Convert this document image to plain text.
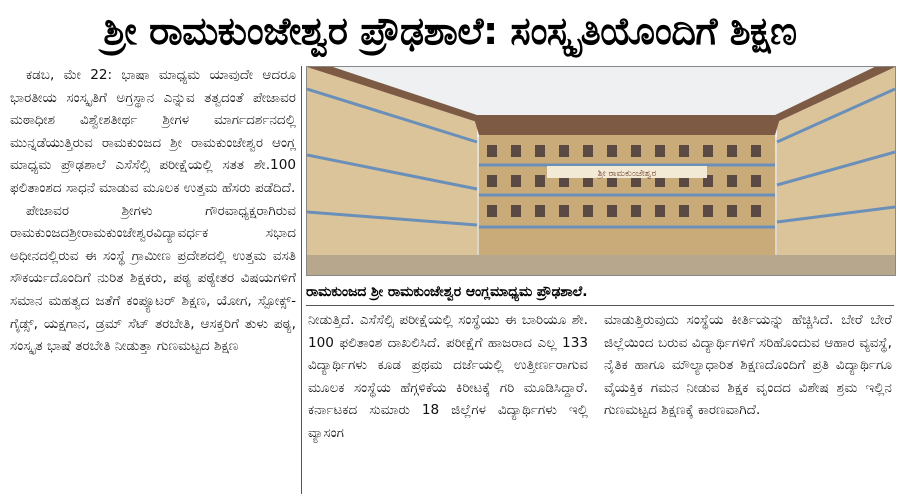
ಶ್ರೀ ರಾಮಕುಂಜೇಶ್ವರ ಪ್ರೌಢಶಾಲೆ: ಸಂಸ್ಕೃತಿಯೊಂದಿಗೆ ಶಿಕ್ಷಣ

ಕಡಬ, ಮೇ 22: ಭಾಷಾ ಮಾಧ್ಯಮ ಯಾವುದೇ ಆದರೂ ಭಾರತೀಯ ಸಂಸ್ಕೃತಿಗೆ ಅಗ್ರಸ್ಥಾನ ಎನ್ನುವ ತತ್ವದಂತೆ ಪೇಜಾವರ ಮಠಾಧೀಶ ವಿಶ್ವೇಶತೀರ್ಥ ಶ್ರೀಗಳ ಮಾರ್ಗದರ್ಶನದಲ್ಲಿ ಮುನ್ನಡೆಯುತ್ತಿರುವ ರಾಮಕುಂಜದ ಶ್ರೀ ರಾಮಕುಂಜೇಶ್ವರ ಆಂಗ್ಲ ಮಾಧ್ಯಮ ಪ್ರೌಢಶಾಲೆ ಎಸೆಸೆಲ್ಸಿ ಪರೀಕ್ಷೆಯಲ್ಲಿ ಸತತ ಶೇ.100 ಫಲಿತಾಂಶದ ಸಾಧನೆ ಮಾಡುವ ಮೂಲಕ ಉತ್ತಮ ಹೆಸರು ಪಡೆದಿದೆ.

ಪೇಜಾವರ ಶ್ರೀಗಳು ಗೌರವಾಧ್ಯಕ್ಷರಾಗಿರುವ ರಾಮಕುಂಜದಶ್ರೀರಾಮಕುಂಜೇಶ್ವರವಿದ್ಯಾವರ್ಧಕ ಸಭಾದ ಅಧೀನದಲ್ಲಿರುವ ಈ ಸಂಸ್ಥೆ ಗ್ರಾಮೀಣ ಪ್ರದೇಶದಲ್ಲಿ ಉತ್ತಮ ವಸತಿ ಸೌಕರ್ಯದೊಂದಿಗೆ ನುರಿತ ಶಿಕ್ಷಕರು, ಪಠ್ಯ ಪಠ್ಯೇತರ ವಿಷಯಗಳಿಗೆ ಸಮಾನ ಮಹತ್ವದ ಜತೆಗೆ ಕಂಪ್ಯೂಟರ್ ಶಿಕ್ಷಣ, ಯೋಗ, ಸ್ಪೋಕ್ಸ್-ಗೈಡ್ಸ್, ಯಕ್ಷಗಾನ, ಡ್ರಮ್ ಸೆಟ್ ತರಬೇತಿ, ಆಸಕ್ತರಿಗೆ ತುಳು ಪಠ್ಯ, ಸಂಸ್ಕೃತ ಭಾಷೆ ತರಬೇತಿ ನೀಡುತ್ತಾ ಗುಣಮಟ್ಟದ ಶಿಕ್ಷಣ

ಶ್ರೀ ರಾಮಕುಂಜೇಶ್ವರ
ರಾಮಕುಂಜದ ಶ್ರೀ ರಾಮಕುಂಜೇಶ್ವರ ಆಂಗ್ಲಮಾಧ್ಯಮ ಪ್ರೌಢಶಾಲೆ.

ನೀಡುತ್ತಿದೆ. ಎಸೆಸೆಲ್ಸಿ ಪರೀಕ್ಷೆಯಲ್ಲಿ ಸಂಸ್ಥೆಯು ಈ ಬಾರಿಯೂ ಶೇ. 100 ಫಲಿತಾಂಶ ದಾಖಲಿಸಿದೆ. ಪರೀಕ್ಷೆಗೆ ಹಾಜರಾದ ಎಲ್ಲ 133 ವಿದ್ಯಾರ್ಥಿಗಳು ಕೂಡ ಪ್ರಥಮ ದರ್ಜೆಯಲ್ಲಿ ಉತ್ತೀರ್ಣರಾಗುವ ಮೂಲಕ ಸಂಸ್ಥೆಯ ಹೆಗ್ಗಳಿಕೆಯ ಕಿರೀಟಕ್ಕೆ ಗರಿ ಮೂಡಿಸಿದ್ದಾರೆ. ಕರ್ನಾಟಕದ ಸುಮಾರು 18 ಜಿಲ್ಲೆಗಳ ವಿದ್ಯಾರ್ಥಿಗಳು ಇಲ್ಲಿ ವ್ಯಾಸಂಗ

ಮಾಡುತ್ತಿರುವುದು ಸಂಸ್ಥೆಯ ಕೀರ್ತಿಯನ್ನು ಹೆಚ್ಚಿಸಿದೆ. ಬೇರೆ ಬೇರೆ ಜಿಲ್ಲೆಯಿಂದ ಬರುವ ವಿದ್ಯಾರ್ಥಿಗಳಿಗೆ ಸರಿಹೊಂದುವ ಆಹಾರ ವ್ಯವಸ್ಥೆ, ನೈತಿಕ ಹಾಗೂ ಮೌಲ್ಯಾಧಾರಿತ ಶಿಕ್ಷಣದೊಂದಿಗೆ ಪ್ರತಿ ವಿದ್ಯಾರ್ಥಿಗೂ ವೈಯಕ್ತಿಕ ಗಮನ ನೀಡುವ ಶಿಕ್ಷಕ ವೃಂದದ ವಿಶೇಷ ಶ್ರಮ ಇಲ್ಲಿನ ಗುಣಮಟ್ಟದ ಶಿಕ್ಷಣಕ್ಕೆ ಕಾರಣವಾಗಿದೆ.
